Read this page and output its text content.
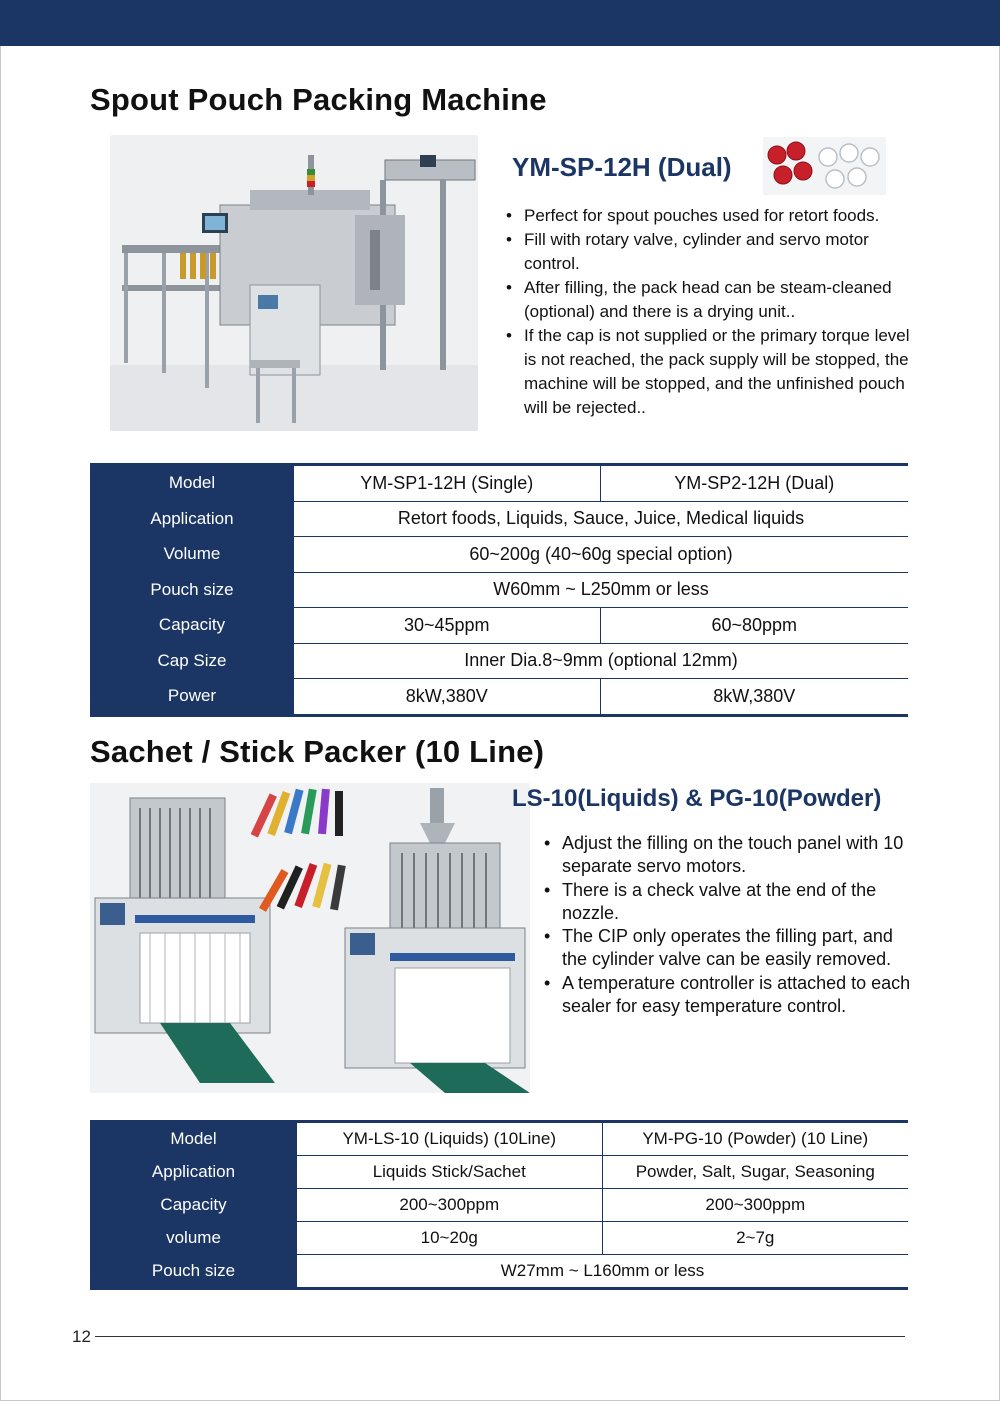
Spout Pouch Packing Machine
YM-SP-12H (Dual)
• Perfect for spout pouches used for retort foods.
• Fill with rotary valve, cylinder and servo motor control.
• After filling, the pack head can be steam-cleaned (optional) and there is a drying unit..
• If the cap is not supplied or the primary torque level is not reached, the pack supply will be stopped, the machine will be stopped, and the unfinished pouch will be rejected..
Model	YM-SP1-12H (Single)	YM-SP2-12H (Dual)
Application	Retort foods, Liquids, Sauce, Juice, Medical liquids	
Volume	60~200g (40~60g special option)	
Pouch size	W60mm ~ L250mm or less	
Capacity	30~45ppm	60~80ppm
Cap Size	Inner Dia.8~9mm (optional 12mm)	
Power	8kW,380V	8kW,380V
Sachet / Stick Packer (10 Line)
LS-10(Liquids) & PG-10(Powder)
• Adjust the filling on the touch panel with 10 separate servo motors.
• There is a check valve at the end of the nozzle.
• The CIP only operates the filling part, and the cylinder valve can be easily removed.
• A temperature controller is attached to each sealer for easy temperature control.
Model	YM-LS-10 (Liquids) (10Line)	YM-PG-10 (Powder) (10 Line)
Application	Liquids Stick/Sachet	Powder, Salt, Sugar, Seasoning
Capacity	200~300ppm	200~300ppm
volume	10~20g	2~7g
Pouch size	W27mm ~ L160mm or less	
12
